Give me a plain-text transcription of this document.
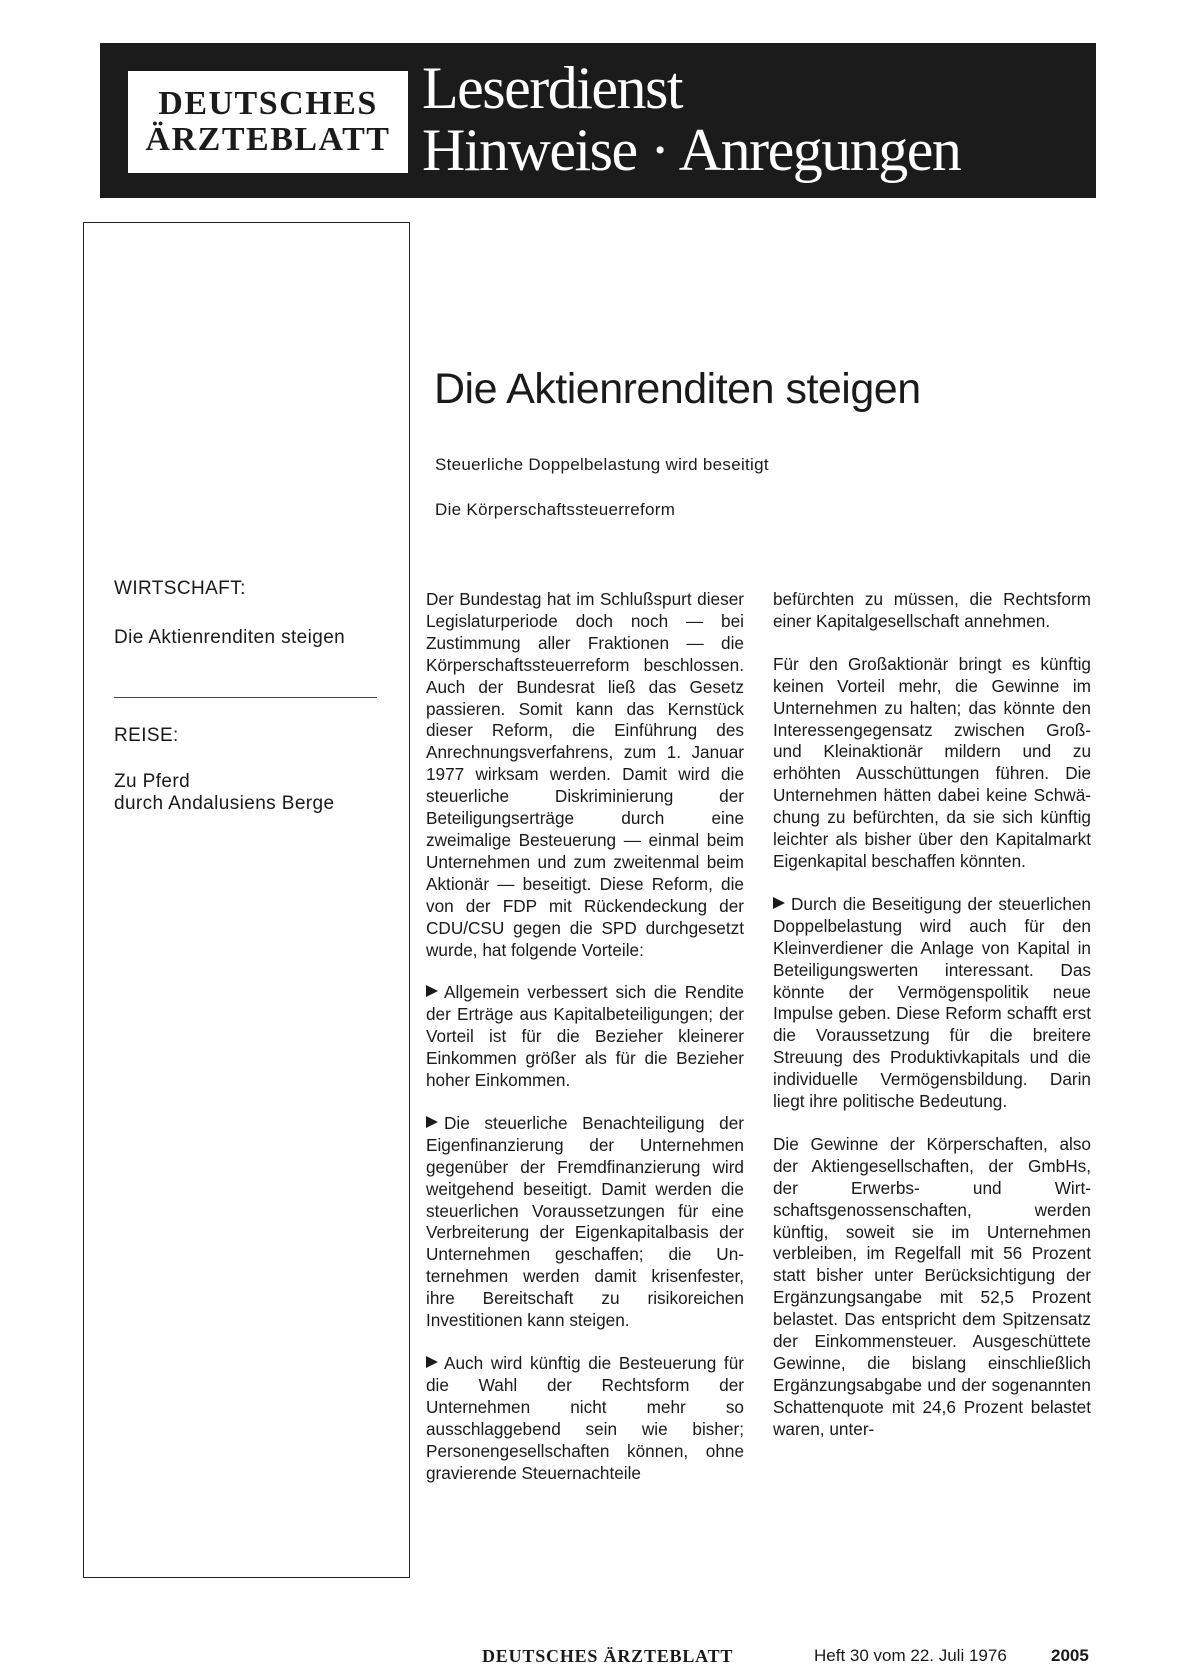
DEUTSCHES
ÄRZTEBLATT
Leserdienst
Hinweise · Anregungen
WIRTSCHAFT:
Die Aktienrenditen steigen
REISE:
Zu Pferd
durch Andalusiens Berge
Die Aktienrenditen steigen
Steuerliche Doppelbelastung wird beseitigt
Die Körperschaftssteuerreform

Der Bundestag hat im Schlußspurt dieser Legislaturperiode doch noch — bei Zustimmung aller Fraktionen — die Körperschaftssteuerreform beschlossen. Auch der Bundesrat ließ das Gesetz passieren. Somit kann das Kernstück dieser Reform, die Einführung des Anrechnungsverfahrens, zum 1. Januar 1977 wirksam werden. Damit wird die steuerliche Diskriminierung der Beteiligungserträge durch eine zweimalige Besteuerung — einmal beim Unternehmen und zum zweitenmal beim Aktionär — beseitigt. Diese Reform, die von der FDP mit Rückendeckung der CDU/CSU gegen die SPD durchgesetzt wurde, hat folgende Vorteile:

Allgemein verbessert sich die Rendite der Erträge aus Kapitalbeteiligungen; der Vorteil ist für die Bezieher kleinerer Einkommen größer als für die Bezieher hoher Einkommen.

Die steuerliche Benachteiligung der Eigenfinanzierung der Unternehmen gegenüber der Fremdfinanzierung wird weitgehend beseitigt. Damit werden die steuerlichen Voraussetzungen für eine Verbreiterung der Eigenkapitalbasis der Unternehmen geschaffen; die Unternehmen werden damit krisenfester, ihre Bereitschaft zu risikoreichen Investitionen kann steigen.

Auch wird künftig die Besteuerung für die Wahl der Rechtsform der Unternehmen nicht mehr so ausschlaggebend sein wie bisher; Personengesellschaften können, ohne gravierende Steuernachteile

befürchten zu müssen, die Rechtsform einer Kapitalgesellschaft annehmen.

Für den Großaktionär bringt es künftig keinen Vorteil mehr, die Gewinne im Unternehmen zu halten; das könnte den Interessengegensatz zwischen Groß- und Kleinaktionär mildern und zu erhöhten Ausschüttungen führen. Die Unternehmen hätten dabei keine Schwächung zu befürchten, da sie sich künftig leichter als bisher über den Kapitalmarkt Eigenkapital beschaffen könnten.

Durch die Beseitigung der steuerlichen Doppelbelastung wird auch für den Kleinverdiener die Anlage von Kapital in Beteiligungswerten interessant. Das könnte der Vermögenspolitik neue Impulse geben. Diese Reform schafft erst die Voraussetzung für die breitere Streuung des Produktivkapitals und die individuelle Vermögensbildung. Darin liegt ihre politische Bedeutung.

Die Gewinne der Körperschaften, also der Aktiengesellschaften, der GmbHs, der Erwerbs- und Wirtschaftsgenossenschaften, werden künftig, soweit sie im Unternehmen verbleiben, im Regelfall mit 56 Prozent statt bisher unter Berücksichtigung der Ergänzungsangabe mit 52,5 Prozent belastet. Das entspricht dem Spitzensatz der Einkommensteuer. Ausgeschüttete Gewinne, die bislang einschließlich Ergänzungsabgabe und der sogenannten Schattenquote mit 24,6 Prozent belastet waren, unter-

DEUTSCHES ÄRZTEBLATT	Heft 30 vom 22. Juli 1976	2005
